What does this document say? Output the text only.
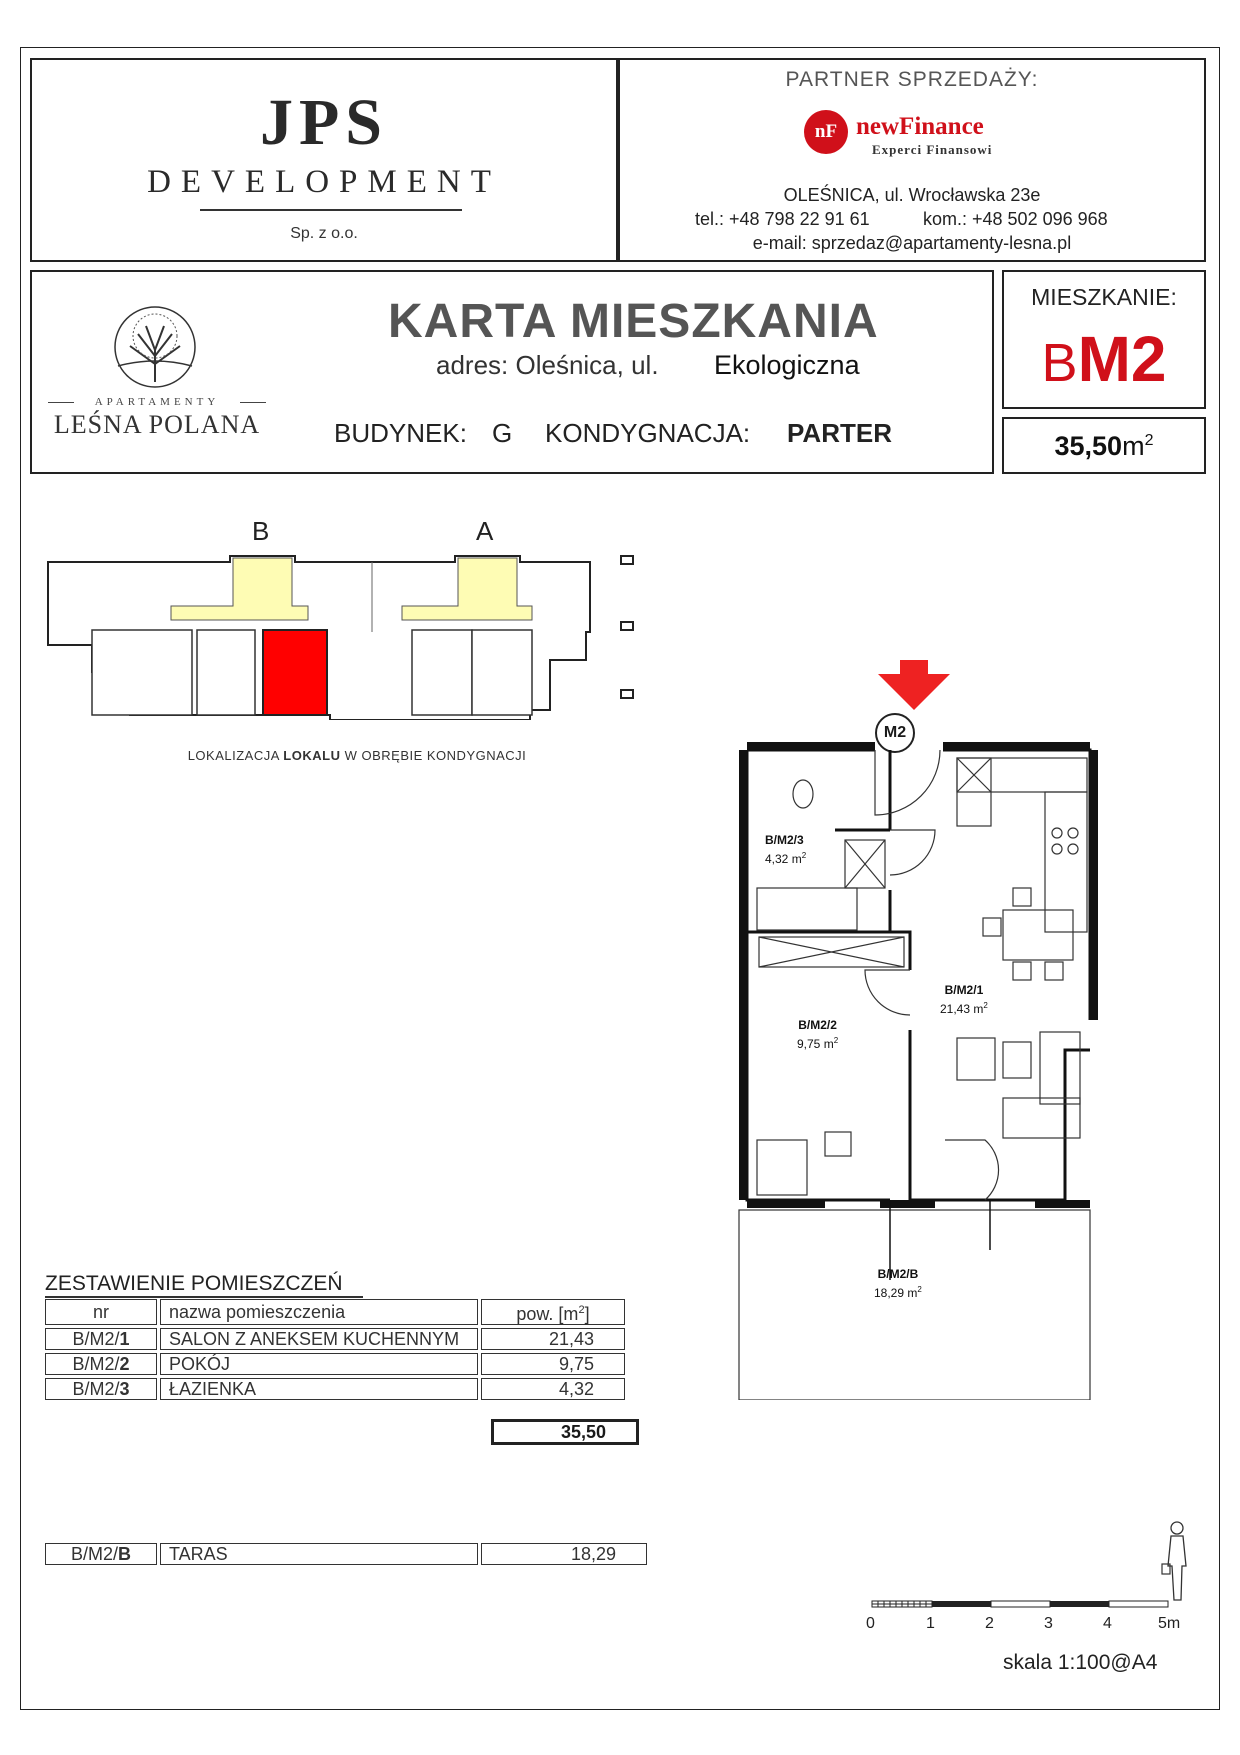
JPS
DEVELOPMENT
Sp. z o.o.
PARTNER SPRZEDAŻY:
nF newFinance
Experci Finansowi
OLEŚNICA, ul. Wrocławska 23e
tel.: +48 798 22 91 61	kom.: +48 502 096 968
e-mail: sprzedaz@apartamenty-lesna.pl
APARTAMENTY
LEŚNA POLANA
KARTA MIESZKANIA
adres: Oleśnica, ul. Ekologiczna
BUDYNEK: G KONDYGNACJA: PARTER
MIESZKANIE:
BM2
$35,50m^2$
B	A
LOKALIZACJA LOKALU W OBRĘBIE KONDYGNACJI
M2
B/M2/3
4,32 $m^2$
B/M2/1
21,43 $m^2$
B/M2/2
9,75 $m^2$
B/M2/B
18,29 $m^2$
ZESTAWIENIE POMIESZCZEŃ
nr	nazwa pomieszczenia	pow. $[m^2]$
B/M2/1	SALON Z ANEKSEM KUCHENNYM	21,43
B/M2/2	POKÓJ	9,75
B/M2/3	ŁAZIENKA	4,32
35,50
B/M2/B	TARAS	18,29
0	1	2	3	4	5m
skala 1:100@A4
